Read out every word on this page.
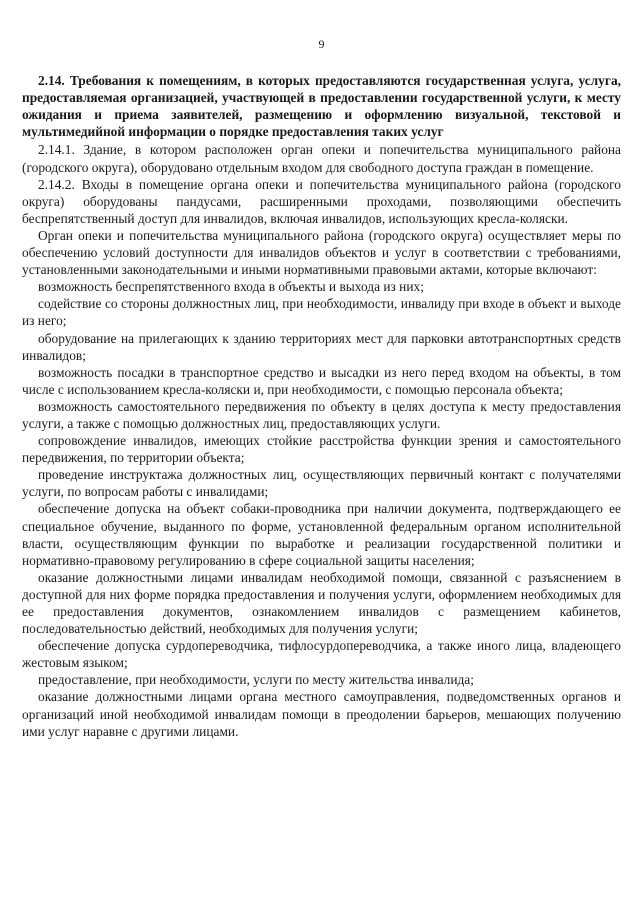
9

2.14. Требования к помещениям, в которых предоставляются государственная услуга, услуга, предоставляемая организацией, участвующей в предоставлении государственной услуги, к месту ожидания и приема заявителей, размещению и оформлению визуальной, текстовой и мультимедийной информации о порядке предоставления таких услуг

2.14.1. Здание, в котором расположен орган опеки и попечительства муниципального района (городского округа), оборудовано отдельным входом для свободного доступа граждан в помещение.

2.14.2. Входы в помещение органа опеки и попечительства муниципального района (городского округа) оборудованы пандусами, расширенными проходами, позволяющими обеспечить беспрепятственный доступ для инвалидов, включая инвалидов, использующих кресла-коляски.

Орган опеки и попечительства муниципального района (городского округа) осуществляет меры по обеспечению условий доступности для инвалидов объектов и услуг в соответствии с требованиями, установленными законодательными и иными нормативными правовыми актами, которые включают:

возможность беспрепятственного входа в объекты и выхода из них;

содействие со стороны должностных лиц, при необходимости, инвалиду при входе в объект и выходе из него;

оборудование на прилегающих к зданию территориях мест для парковки автотранспортных средств инвалидов;

возможность посадки в транспортное средство и высадки из него перед входом на объекты, в том числе с использованием кресла-коляски и, при необходимости, с помощью персонала объекта;

возможность самостоятельного передвижения по объекту в целях доступа к месту предоставления услуги, а также с помощью должностных лиц, предоставляющих услуги.

сопровождение инвалидов, имеющих стойкие расстройства функции зрения и самостоятельного передвижения, по территории объекта;

проведение инструктажа должностных лиц, осуществляющих первичный контакт с получателями услуги, по вопросам работы с инвалидами;

обеспечение допуска на объект собаки-проводника при наличии документа, подтверждающего ее специальное обучение, выданного по форме, установленной федеральным органом исполнительной власти, осуществляющим функции по выработке и реализации государственной политики и нормативно-правовому регулированию в сфере социальной защиты населения;

оказание должностными лицами инвалидам необходимой помощи, связанной с разъяснением в доступной для них форме порядка предоставления и получения услуги, оформлением необходимых для ее предоставления документов, ознакомлением инвалидов с размещением кабинетов, последовательностью действий, необходимых для получения услуги;

обеспечение допуска сурдопереводчика, тифлосурдопереводчика, а также иного лица, владеющего жестовым языком;

предоставление, при необходимости, услуги по месту жительства инвалида;

оказание должностными лицами органа местного самоуправления, подведомственных органов и организаций иной необходимой инвалидам помощи в преодолении барьеров, мешающих получению ими услуг наравне с другими лицами.
